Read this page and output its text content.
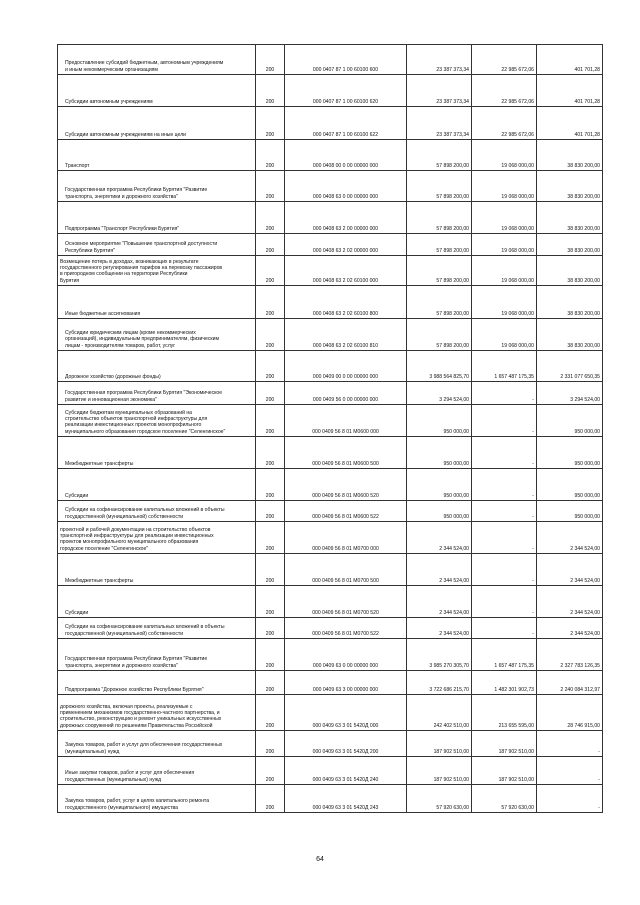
Предоставление субсидий бюджетным, автономным учреждениям
и иным некоммерческим организациям	200	000 0407 87 1 00 60100 600	23 387 373,34	22 985 672,06	401 701,28

Субсидии автономным учреждениям	200	000 0407 87 1 00 60100 620	23 387 373,34	22 985 672,06	401 701,28

Субсидии автономным учреждениям на иные цели	200	000 0407 87 1 00 60100 622	23 387 373,34	22 985 672,06	401 701,28

Транспорт	200	000 0408 00 0 00 00000 000	57 898 200,00	19 068 000,00	38 830 200,00

Государственная программа Республики Бурятия "Развитие
транспорта, энергетики и дорожного хозяйства"	200	000 0408 63 0 00 00000 000	57 898 200,00	19 068 000,00	38 830 200,00

Подпрограмма "Транспорт Республики Бурятия"	200	000 0408 63 2 00 00000 000	57 898 200,00	19 068 000,00	38 830 200,00

Основное мероприятие "Повышение транспортной доступности
Республики Бурятия"	200	000 0408 63 2 02 00000 000	57 898 200,00	19 068 000,00	38 830 200,00

Возмещение потерь в доходах, возникающих в результате
государственного регулирования тарифов на перевозку пассажиров
в пригородном сообщении на территории Республики
Бурятия	200	000 0408 63 2 02 60100 000	57 898 200,00	19 068 000,00	38 830 200,00

Иные бюджетные ассигнования	200	000 0408 63 2 02 60100 800	57 898 200,00	19 068 000,00	38 830 200,00

Субсидии юридическим лицам (кроме некоммерческих
организаций), индивидуальным предпринимателям, физическим
лицам - производителям товаров, работ, услуг	200	000 0408 63 2 02 60100 810	57 898 200,00	19 068 000,00	38 830 200,00

Дорожное хозяйство (дорожные фонды)	200	000 0409 00 0 00 00000 000	3 988 564 825,70	1 657 487 175,35	2 331 077 650,35

Государственная программа Республики Бурятия "Экономическое
развитие и инновационная экономика"	200	000 0409 56 0 00 00000 000	3 294 524,00	-	3 294 524,00

Субсидии бюджетам муниципальных образований на
строительство объектов транспортной инфраструктуры для
реализации инвестиционных проектов монопрофильного
муниципального образования городское поселение "Селенгинское"	200	000 0409 56 8 01 M0600 000	950 000,00	-	950 000,00

Межбюджетные трансферты	200	000 0409 56 8 01 M0600 500	950 000,00	-	950 000,00

Субсидии	200	000 0409 56 8 01 M0600 520	950 000,00	-	950 000,00

Субсидии на софинансирование капитальных вложений в объекты
государственной (муниципальной) собственности	200	000 0409 56 8 01 M0600 522	950 000,00	-	950 000,00

проектной и рабочей документации на строительство объектов
транспортной инфраструктуры для реализации инвестиционных
проектов монопрофильного муниципального образования
городское поселение "Селенгинское"	200	000 0409 56 8 01 M0700 000	2 344 524,00	-	2 344 524,00

Межбюджетные трансферты	200	000 0409 56 8 01 M0700 500	2 344 524,00	-	2 344 524,00

Субсидии	200	000 0409 56 8 01 M0700 520	2 344 524,00	-	2 344 524,00

Субсидии на софинансирование капитальных вложений в объекты
государственной (муниципальной) собственности	200	000 0409 56 8 01 M0700 522	2 344 524,00	-	2 344 524,00

Государственная программа Республики Бурятия "Развитие
транспорта, энергетики и дорожного хозяйства"	200	000 0409 63 0 00 00000 000	3 985 270 305,70	1 657 487 175,35	2 327 783 126,35

Подпрограмма "Дорожное хозяйство Республики Бурятия"	200	000 0409 63 3 00 00000 000	3 722 686 215,70	1 482 301 902,73	2 240 084 312,97

дорожного хозяйства, включая проекты, реализуемые с
применением механизмов государственно-частного партнерства, и
строительство, реконструкцию и ремонт уникальных искусственных
дорожных сооружений по решениям Правительства Российской	200	000 0409 63 3 01 5420Д 000	242 402 510,00	213 655 595,00	28 746 915,00

Закупка товаров, работ и услуг для обеспечения государственных
(муниципальных) нужд	200	000 0409 63 3 01 5420Д 200	187 902 510,00	187 902 510,00	-

Иные закупки товаров, работ и услуг для обеспечения
государственных (муниципальных) нужд	200	000 0409 63 3 01 5420Д 240	187 902 510,00	187 902 510,00	-

Закупка товаров, работ, услуг в целях капитального ремонта
государственного (муниципального) имущества	200	000 0409 63 3 01 5420Д 243	57 920 630,00	57 920 630,00	-
64
